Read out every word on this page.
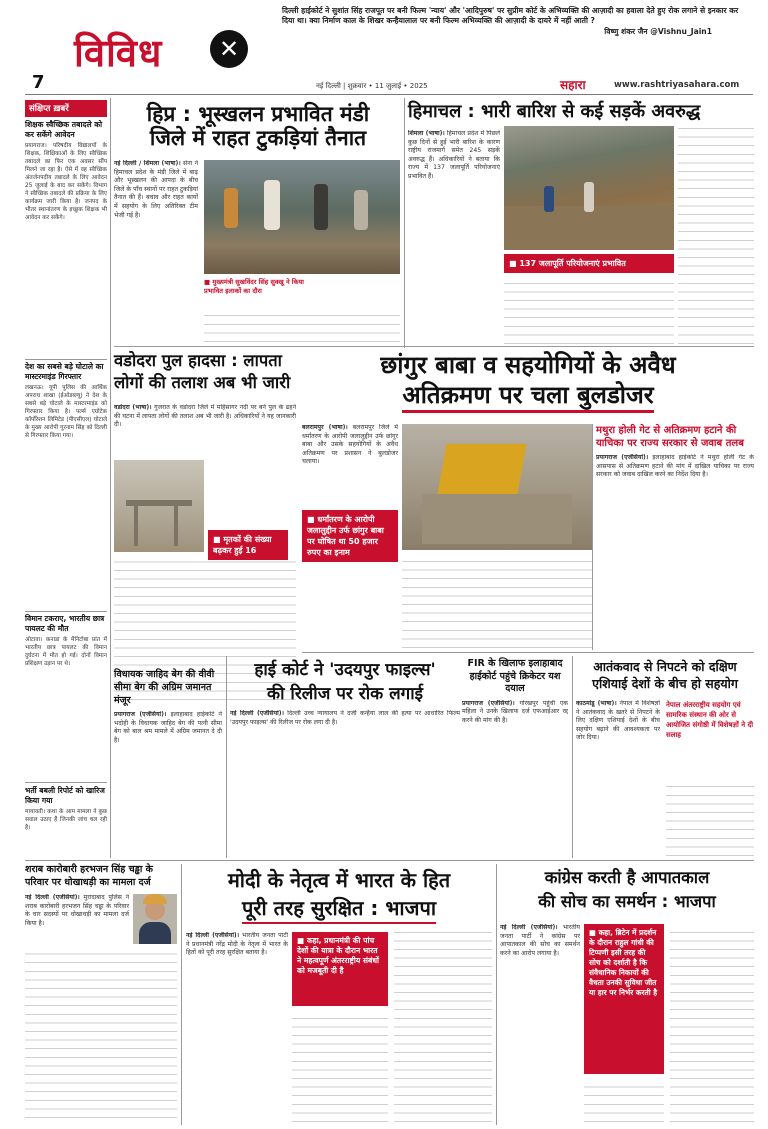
विविध	✕
7
दिल्ली हाईकोर्ट ने सुशांत सिंह राजपूत पर बनी फिल्म 'न्याय' और 'आदिपुरुष' पर सुप्रीम कोर्ट के अभिव्यक्ति की आज़ादी का हवाला देते हुए रोक लगाने से इनकार कर दिया था। क्या निर्माण काल के शिखर कन्हैयालाल पर बनी फिल्म अभिव्यक्ति की आज़ादी के दायरे में नहीं आती ?
विष्णु शंकर जैन @Vishnu_Jain1
नई दिल्ली | शुक्रवार • 11 जुलाई • 2025	सहारा	www.rashtriyasahara.com
संक्षिप्त ख़बरें
शिक्षक स्वैच्छिक तबादले को कर सकेंगे आवेदन
प्रयागराज। परिषदीय विद्यालयों के शिक्षक, शिक्षिकाओं के लिए स्वैच्छिक तबादले का फिर एक अवसर सौंप मिलने जा रहा है। ऐसे में वह स्वैच्छिक अंतर्जनपदीय तबादले के लिए आवेदन 25 जुलाई के बाद कर सकेंगे। विभाग ने स्वैच्छिक तबादले की प्रक्रिया के लिए कार्यक्रम जारी किया है। जनपद के भीतर स्थानांतरण के इच्छुक शिक्षक भी आवेदन कर सकेंगे।
देश का सबसे बड़े घोटाले का मास्टरमाइंड गिरफ्तार
लखनऊ। यूपी पुलिस की आर्थिक अपराध शाखा (ईओडब्ल्यू) ने देश के सबसे बड़े घोटाले के मास्टरमाइंड को गिरफ्तार किया है। पर्ल्स एग्रोटेक कॉर्पोरेशन लिमिटेड (पीएसीएल) घोटाले के मुख्य आरोपी गुरनाम सिंह को दिल्ली से गिरफ्तार किया गया।
विमान टकराए, भारतीय छात्र पायलट की मौत
ओटावा। कनाडा के मैनिटोबा प्रांत में भारतीय छात्र पायलट की विमान दुर्घटना में मौत हो गई। दोनों विमान प्रशिक्षण उड़ान पर थे।
भर्ती बबली रिपोर्ट को खारिज किया गया
मायावती। कथा के आम मामला ने कुछ सवाल उठाए हैं जिनकी जांच चल रही है।
हिप्र : भूस्खलन प्रभावित मंडी
जिले में राहत टुकड़ियां तैनात
नई दिल्ली / शिमला (भाषा)। सेना ने हिमाचल प्रदेश के मंडी जिले में बाढ़ और भूस्खलन की आपदा के बीच जिले के पाँच स्थानों पर राहत टुकड़ियां तैनात की हैं। बचाव और राहत कार्यों में सहयोग के लिए अतिरिक्त टीम भेजी गई है।
■ मुख्यमंत्री सुखविंदर सिंह सुक्खू ने किया प्रभावित इलाकों का दौरा
हिमाचल : भारी बारिश से कई सड़कें अवरुद्ध
शिमला (भाषा)। हिमाचल प्रदेश में पिछले कुछ दिनों से हुई भारी बारिश के कारण राष्ट्रीय राजमार्ग समेत 245 सड़कें अवरुद्ध हैं। अधिकारियों ने बताया कि राज्य में 137 जलापूर्ति परियोजनाएं प्रभावित हैं।
■ 137 जलापूर्ति परियोजनाएं प्रभावित
वडोदरा पुल हादसा : लापता लोगों की तलाश अब भी जारी
वडोदरा (भाषा)। गुजरात के वडोदरा जिले में महिसागर नदी पर बने पुल के ढहने की घटना में लापता लोगों की तलाश अब भी जारी है। अधिकारियों ने यह जानकारी दी।
■ मृतकों की संख्या बढ़कर हुई 16
छांगुर बाबा व सहयोगियों के अवैध
अतिक्रमण पर चला बुलडोजर
बलरामपुर (भाषा)। बलरामपुर जिले में धर्मांतरण के आरोपी जलालुद्दीन उर्फ छांगुर बाबा और उसके सहयोगियों के अवैध अतिक्रमण पर प्रशासन ने बुलडोजर चलाया।
■ धर्मांतरण के आरोपी जलालुद्दीन उर्फ छांगुर बाबा पर घोषित था 50 हजार रुपए का इनाम
मथुरा होली गेट से अतिक्रमण हटाने की याचिका पर राज्य सरकार से जवाब तलब
प्रयागराज (एजेंसियां)। इलाहाबाद हाईकोर्ट ने मथुरा होली गेट के आसपास से अतिक्रमण हटाने की मांग में दाखिल याचिका पर राज्य सरकार को जवाब दाखिल करने का निर्देश दिया है।
विधायक जाहिद बेग की वीवी सीमा बेग की अग्रिम जमानत मंजूर
प्रयागराज (एजेंसियां)। इलाहाबाद हाईकोर्ट ने भदोही के विधायक जाहिद बेग की पत्नी सीमा बेग को बाल श्रम मामले में अग्रिम जमानत दे दी है।
हाई कोर्ट ने 'उदयपुर फाइल्स'
की रिलीज पर रोक लगाई
नई दिल्ली (एजेंसियां)। दिल्ली उच्च न्यायालय ने दर्जी कन्हैया लाल की हत्या पर आधारित फिल्म 'उदयपुर फाइल्स' की रिलीज पर रोक लगा दी है।
FIR के खिलाफ इलाहाबाद हाईकोर्ट पहुंचे क्रिकेटर यश दयाल
प्रयागराज (एजेंसियां)। गोरखपुर पहुंची एक महिला ने उनके खिलाफ दर्ज एफआईआर रद्द करने की मांग की है।
आतंकवाद से निपटने को दक्षिण एशियाई देशों के बीच हो सहयोग
काठमांडू (भाषा)। नेपाल में विशेषज्ञों ने आतंकवाद के खतरे से निपटने के लिए दक्षिण एशियाई देशों के बीच सहयोग बढ़ाने की आवश्यकता पर जोर दिया।
नेपाल अंतरराष्ट्रीय सहयोग एवं सामरिक संस्थान की ओर से आयोजित संगोष्ठी में विशेषज्ञों ने दी सलाह
शराब कारोबारी हरभजन सिंह चड्ढा के परिवार पर धोखाधड़ी का मामला दर्ज
नई दिल्ली (एजेंसियां)। मुरादाबाद पुलिस ने शराब कारोबारी हरभजन सिंह चड्ढा के परिवार के चार सदस्यों पर धोखाधड़ी का मामला दर्ज किया है।
मोदी के नेतृत्व में भारत के हित
पूरी तरह सुरक्षित : भाजपा
नई दिल्ली (एजेंसियां)। भारतीय जनता पार्टी ने प्रधानमंत्री नरेंद्र मोदी के नेतृत्व में भारत के हितों को पूरी तरह सुरक्षित बताया है।
■ कहा, प्रधानमंत्री की पांच देशों की यात्रा के दौरान भारत ने महत्वपूर्ण अंतरराष्ट्रीय संबंधों को मजबूती दी है
कांग्रेस करती है आपातकाल
की सोच का समर्थन : भाजपा
नई दिल्ली (एजेंसियां)। भारतीय जनता पार्टी ने कांग्रेस पर आपातकाल की सोच का समर्थन करने का आरोप लगाया है।
■ कहा, ब्रिटेन में प्रदर्शन के दौरान राहुल गांधी की टिप्पणी इसी तरह की सोच को दर्शाती है कि संवैधानिक निकायों की वैधता उनकी सुविधा जीत या हार पर निर्भर करती है
